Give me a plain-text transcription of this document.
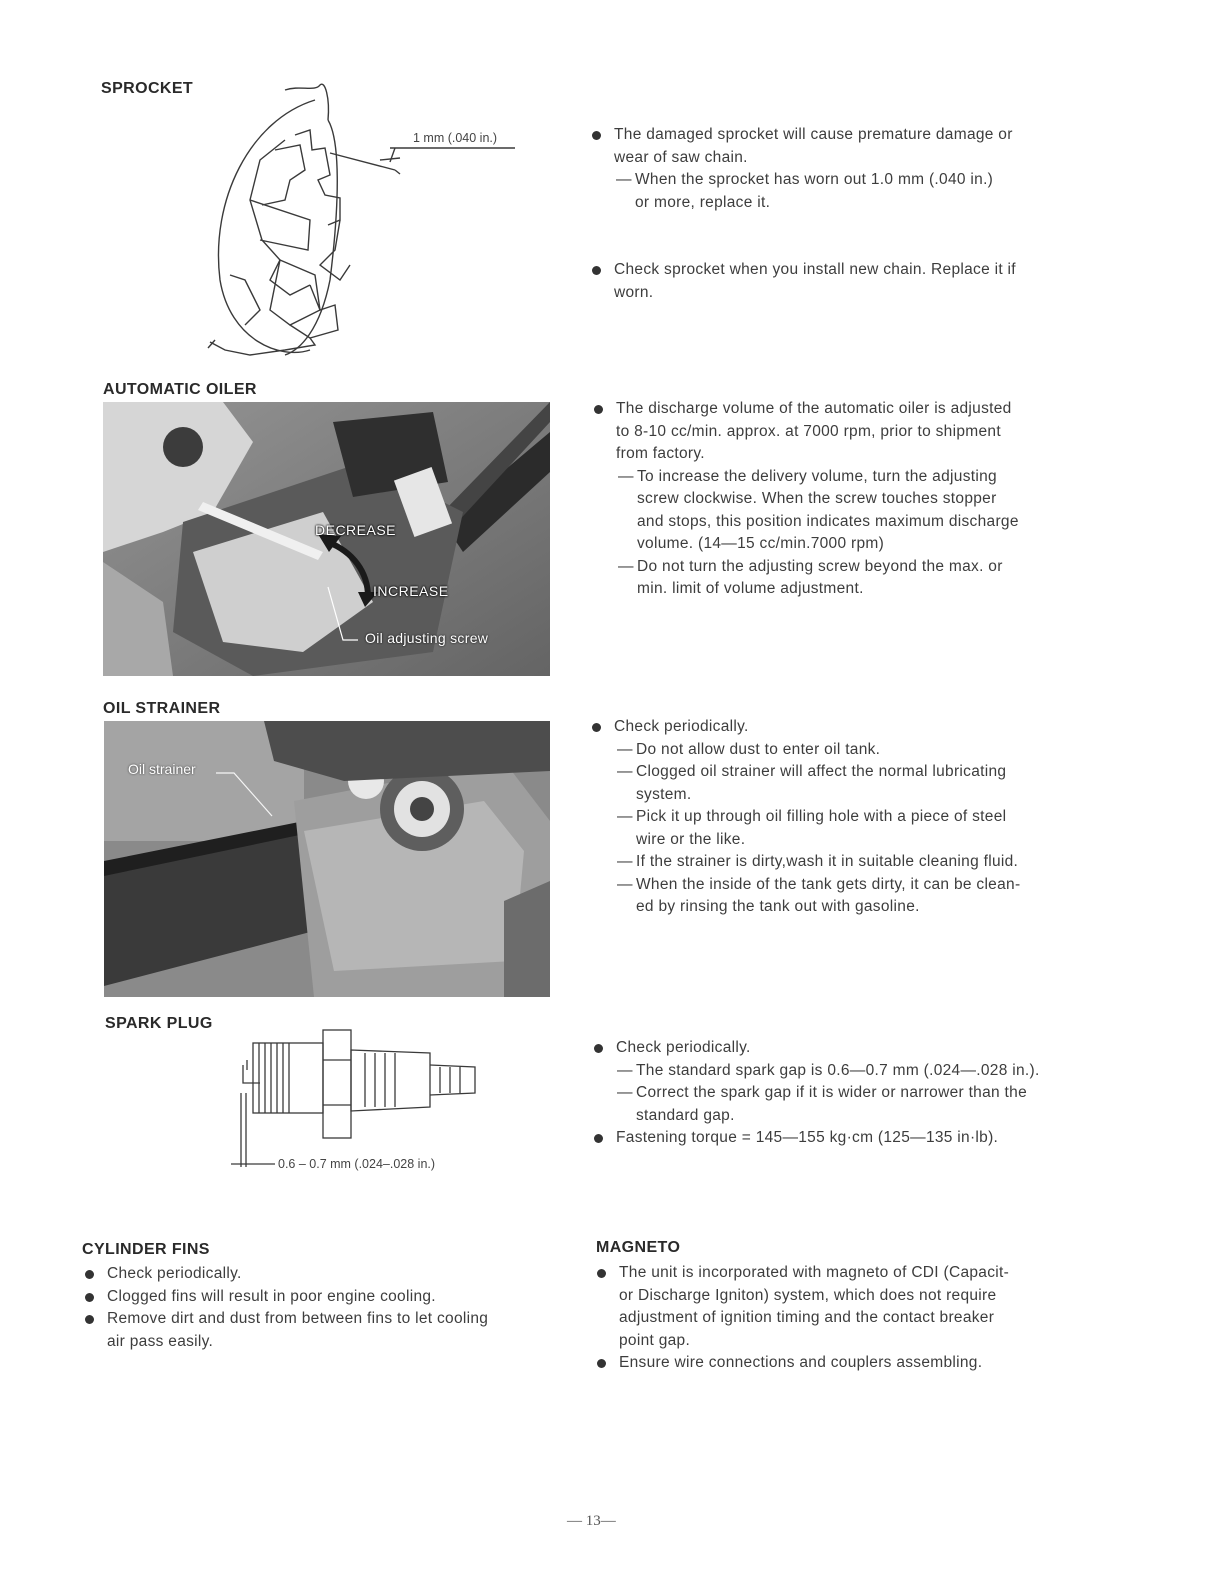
SPROCKET
1 mm (.040 in.)	The damaged sprocket will cause premature damage or
wear of saw chain.
— When the sprocket has worn out 1.0 mm (.040 in.)
or more, replace it.
Check sprocket when you install new chain. Replace it if
worn.
AUTOMATIC OILER
DECREASE
INCREASE
Oil adjusting screw
The discharge volume of the automatic oiler is adjusted
to 8-10 cc/min. approx. at 7000 rpm, prior to shipment
from factory.
— To increase the delivery volume, turn the adjusting
screw clockwise. When the screw touches stopper
and stops, this position indicates maximum discharge
volume. (14—15 cc/min.7000 rpm)
— Do not turn the adjusting screw beyond the max. or
min. limit of volume adjustment.
OIL STRAINER
Oil strainer
Check periodically.
— Do not allow dust to enter oil tank.
— Clogged oil strainer will affect the normal lubricating
system.
— Pick it up through oil filling hole with a piece of steel
wire or the like.
— If the strainer is dirty,wash it in suitable cleaning fluid.
— When the inside of the tank gets dirty, it can be clean-
ed by rinsing the tank out with gasoline.
SPARK PLUG
0.6 – 0.7 mm (.024–.028 in.)
Check periodically.
— The standard spark gap is 0.6—0.7 mm (.024—.028 in.).
— Correct the spark gap if it is wider or narrower than the
standard gap.
Fastening torque = 145—155 kg·cm (125—135 in·lb).
CYLINDER FINS
Check periodically.
Clogged fins will result in poor engine cooling.
Remove dirt and dust from between fins to let cooling
air pass easily.
MAGNETO
The unit is incorporated with magneto of CDI (Capacit-
or Discharge Igniton) system, which does not require
adjustment of ignition timing and the contact breaker
point gap.
Ensure wire connections and couplers assembling.
— 13—
